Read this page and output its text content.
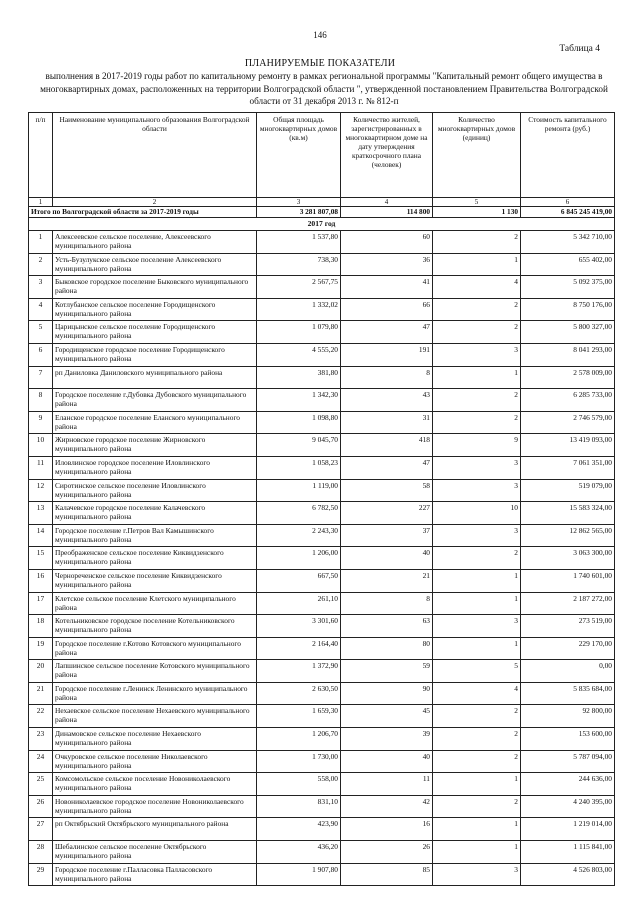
146
Таблица 4
ПЛАНИРУЕМЫЕ ПОКАЗАТЕЛИ
выполнения в 2017-2019 годы работ по капитальному ремонту в рамках региональной программы "Капитальный ремонт общего имущества в многоквартирных домах, расположенных на территории Волгоградской области ", утвержденной постановлением Правительства Волгоградской области от 31 декабря 2013 г. № 812-п
п/п	Наименование муниципального образования Волгоградской области	Общая площадь многоквартирных домов (кв.м)	Количество жителей, зарегистрированных в многоквартирном доме на дату утверждения краткосрочного плана (человек)	Количество многоквартирных домов (единиц)	Стоимость капитального ремонта (руб.)
1	2	3	4	5	6
Итого по Волгоградской области за 2017-2019 годы		3 281 807,08	114 800	1 130	6 845 245 419,00
2017 год					
1	Алексеевское сельское поселение, Алексеевского муниципального района	1 537,80	60	2	5 342 710,00
2	Усть-Бузулукское сельское поселение Алексеевского муниципального района	738,30	36	1	655 402,00
3	Быковское городское поселение Быковского муниципального района	2 567,75	41	4	5 092 375,00
4	Котлубанское сельское поселение Городищенского муниципального района	1 332,02	66	2	8 750 176,00
5	Царицынское сельское поселение Городищенского муниципального района	1 079,80	47	2	5 800 327,00
6	Городищенское городское поселение Городищенского муниципального района	4 555,20	191	3	8 041 293,00
7	рп Даниловка Даниловского муниципального района	381,80	8	1	2 578 009,00
8	Городское поселение г.Дубовка Дубовского муниципального района	1 342,30	43	2	6 285 733,00
9	Еланское городское поселение Еланского муниципального района	1 098,80	31	2	2 746 579,00
10	Жирновское городское поселение Жирновского муниципального района	9 045,70	418	9	13 419 093,00
11	Иловлинское городское поселение Иловлинского муниципального района	1 058,23	47	3	7 061 351,00
12	Сиротинское сельское поселение Иловлинского муниципального района	1 119,00	58	3	519 079,00
13	Калачевское городское поселение Калачевского муниципального района	6 782,50	227	10	15 583 324,00
14	Городское поселение г.Петров Вал Камышинского муниципального района	2 243,30	37	3	12 862 565,00
15	Преображенское сельское поселение Киквидзенского муниципального района	1 206,00	40	2	3 063 300,00
16	Чернореченское сельское поселение Киквидзенского муниципального района	667,50	21	1	1 740 601,00
17	Клетское сельское поселение Клетского муниципального района	261,10	8	1	2 187 272,00
18	Котельниковское городское поселение Котельниковского муниципального района	3 301,60	63	3	273 519,00
19	Городское поселение г.Котово Котовского муниципального района	2 164,40	80	1	229 170,00
20	Лапшинское сельское поселение Котовского муниципального района	1 372,90	59	5	0,00
21	Городское поселение г.Ленинск Ленинского муниципального района	2 630,50	90	4	5 835 684,00
22	Нехаевское сельское поселение Нехаевского муниципального района	1 659,30	45	2	92 800,00
23	Динамовское сельское поселение Нехаевского муниципального района	1 206,70	39	2	153 600,00
24	Очкуровское сельское поселение Николаевского муниципального района	1 730,00	40	2	5 787 094,00
25	Комсомольское сельское поселение Новониколаевского муниципального района	558,00	11	1	244 636,00
26	Новониколаевское городское поселение Новониколаевского муниципального района	831,10	42	2	4 240 395,00
27	рп Октябрьский Октябрьского муниципального района	423,90	16	1	1 219 014,00
28	Шебалинское сельское поселение Октябрьского муниципального района	436,20	26	1	1 115 841,00
29	Городское поселение г.Палласовка Палласовского муниципального района	1 907,80	85	3	4 526 803,00
